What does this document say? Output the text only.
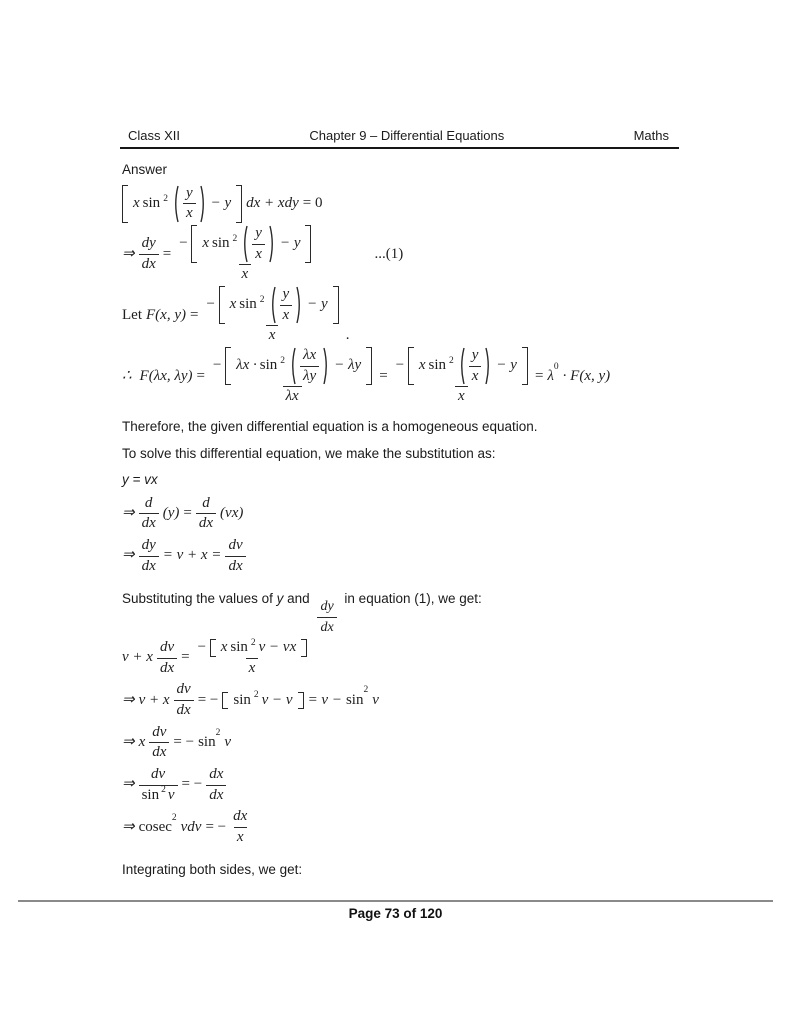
Class XII	Chapter 9 – Differential Equations	Maths
Answer
x $\sin ^2 \frac{y}{x} - y$ dx + xdy = 0
⇒ $\frac{dy}{dx}$ =
− x $\sin ^2 \frac{y}{x} - y$
x
...(1)
Let F(x, y) =
− x $\sin ^2 \frac{y}{x} - y$
x	.
∴ F(λx, λy) =
− $\lambda x \cdot \sin ^2 \frac{\lambda x}{\lambda y} - \lambda y$
λx
=
− x $\sin ^2 \frac{y}{x} - y$
x
= $\lambda^0$
· F(x, y)
Therefore, the given differential equation is a homogeneous equation.
To solve this differential equation, we make the substitution as:
y = vx
⇒ $\frac{d}{dx} (y) = \frac{d}{dx} (vx)$
⇒ $\frac{dy}{dx} = v + x = \frac{dv}{dx}$
Substituting the values of y and $\frac{dy}{dx}$ in equation (1), we get:
v + x $\frac{dv}{dx}$ =
− x sin $^2$ v − vx
x
⇒ v + x $\frac{dv}{dx}$ = − sin $^2$ $v - v = v - \sin^2$
v
⇒ x $\frac{dv}{dx}$ = − $\sin^2$
v
⇒ $\frac{dv}{\sin^2 v}$ = − $\frac{dx}{dx}$
⇒ cosec$^2$
vdv = − $\frac{dx}{x}$
Integrating both sides, we get:
Page 73 of 120
